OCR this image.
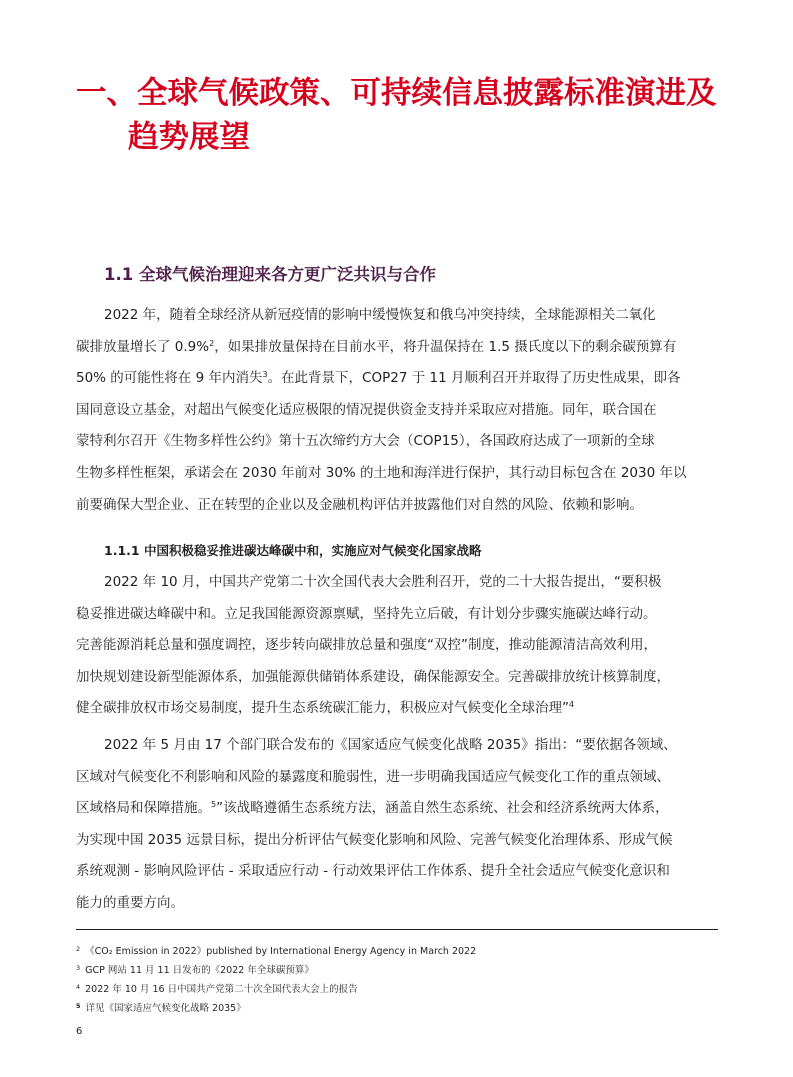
一、全球气候政策、可持续信息披露标准演进及
趋势展望
1.1 全球气候治理迎来各方更广泛共识与合作

2022 年，随着全球经济从新冠疫情的影响中缓慢恢复和俄乌冲突持续，全球能源相关二氧化
碳排放量增长了 0.9%$^2$，如果排放量保持在目前水平，将升温保持在 1.5 摄氏度以下的剩余碳预算有
50% 的可能性将在 9 年内消失$^3$。在此背景下，COP27 于 11 月顺利召开并取得了历史性成果，即各
国同意设立基金，对超出气候变化适应极限的情况提供资金支持并采取应对措施。同年，联合国在
蒙特利尔召开《生物多样性公约》第十五次缔约方大会（COP15），各国政府达成了一项新的全球
生物多样性框架，承诺会在 2030 年前对 30% 的土地和海洋进行保护，其行动目标包含在 2030 年以
前要确保大型企业、正在转型的企业以及金融机构评估并披露他们对自然的风险、依赖和影响。

1.1.1 中国积极稳妥推进碳达峰碳中和，实施应对气候变化国家战略

2022 年 10 月，中国共产党第二十次全国代表大会胜利召开，党的二十大报告提出，“要积极
稳妥推进碳达峰碳中和。立足我国能源资源禀赋，坚持先立后破，有计划分步骤实施碳达峰行动。
完善能源消耗总量和强度调控，逐步转向碳排放总量和强度“双控”制度，推动能源清洁高效利用，
加快规划建设新型能源体系，加强能源供储销体系建设，确保能源安全。完善碳排放统计核算制度，
健全碳排放权市场交易制度，提升生态系统碳汇能力，积极应对气候变化全球治理”$^4$

2022 年 5 月由 17 个部门联合发布的《国家适应气候变化战略 2035》指出：“要依据各领域、
区域对气候变化不利影响和风险的暴露度和脆弱性，进一步明确我国适应气候变化工作的重点领域、
区域格局和保障措施。$^5$”该战略遵循生态系统方法，涵盖自然生态系统、社会和经济系统两大体系，
为实现中国 2035 远景目标，提出分析评估气候变化影响和风险、完善气候变化治理体系、形成气候
系统观测 - 影响风险评估 - 采取适应行动 - 行动效果评估工作体系、提升全社会适应气候变化意识和
能力的重要方向。

$^2$ 《CO₂ Emission in 2022》published by International Energy Agency in March 2022
$^3$ GCP 网站 11 月 11 日发布的《2022 年全球碳预算》
$^4$ 2022 年 10 月 16 日中国共产党第二十次全国代表大会上的报告
$^5$ 详见《国家适应气候变化战略 2035》
6
